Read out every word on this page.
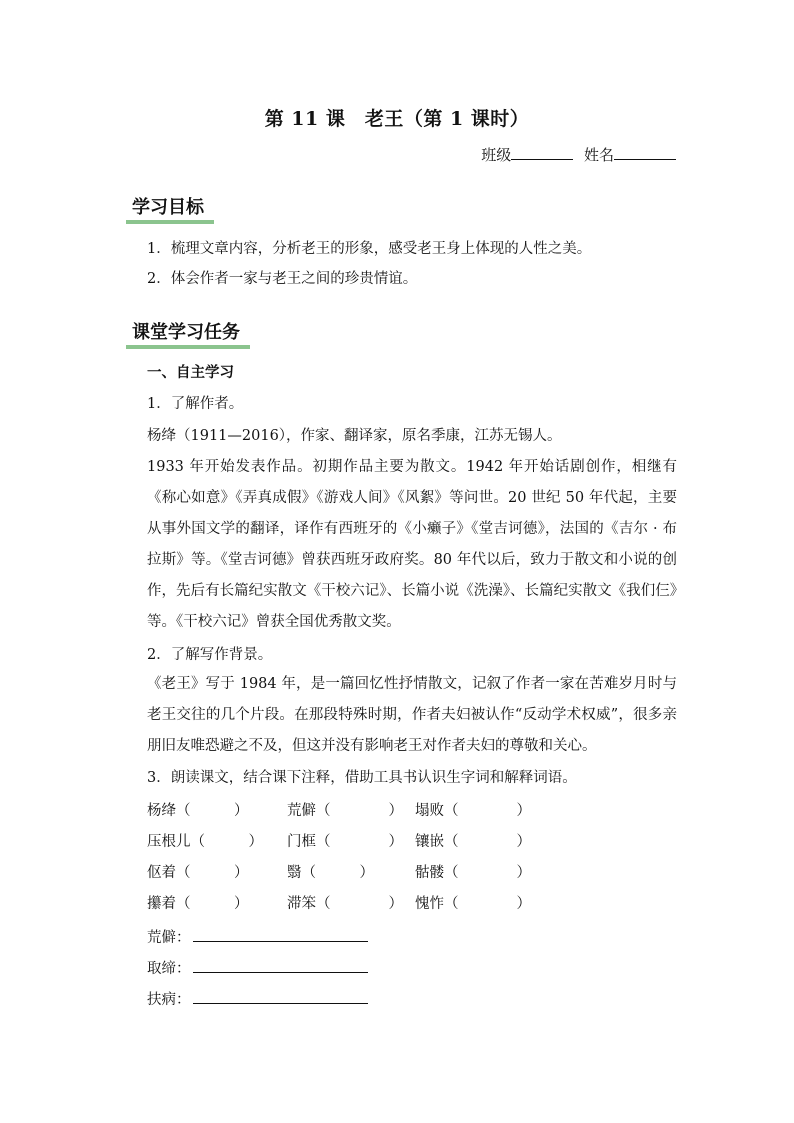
第 11 课　老王（第 1 课时）
班级	姓名
学习目标
1．梳理文章内容，分析老王的形象，感受老王身上体现的人性之美。
2．体会作者一家与老王之间的珍贵情谊。
课堂学习任务
一、自主学习
1．了解作者。
杨绛（1911—2016），作家、翻译家，原名季康，江苏无锡人。
1933 年开始发表作品。初期作品主要为散文。1942 年开始话剧创作，相继有《称心如意》《弄真成假》《游戏人间》《风絮》等问世。20 世纪 50 年代起，主要从事外国文学的翻译，译作有西班牙的《小癞子》《堂吉诃德》，法国的《吉尔 · 布拉斯》等。《堂吉诃德》曾获西班牙政府奖。80 年代以后，致力于散文和小说的创作，先后有长篇纪实散文《干校六记》、长篇小说《洗澡》、长篇纪实散文《我们仨》等。《干校六记》曾获全国优秀散文奖。
2．了解写作背景。
《老王》写于 1984 年，是一篇回忆性抒情散文，记叙了作者一家在苦难岁月时与老王交往的几个片段。在那段特殊时期，作者夫妇被认作“反动学术权威”，很多亲朋旧友唯恐避之不及，但这并没有影响老王对作者夫妇的尊敬和关心。
3．朗读课文，结合课下注释，借助工具书认识生字词和解释词语。
杨绛（　　　）	荒僻（　　　　） 塌败（　　　　）
压根儿（　　　）	门框（　　　　） 镶嵌（　　　　）
伛着（　　　）	翳（　　　）	骷髅（　　　　）
攥着（　　　）	滞笨（　　　　） 愧怍（　　　　）
荒僻：
取缔：
扶病：
